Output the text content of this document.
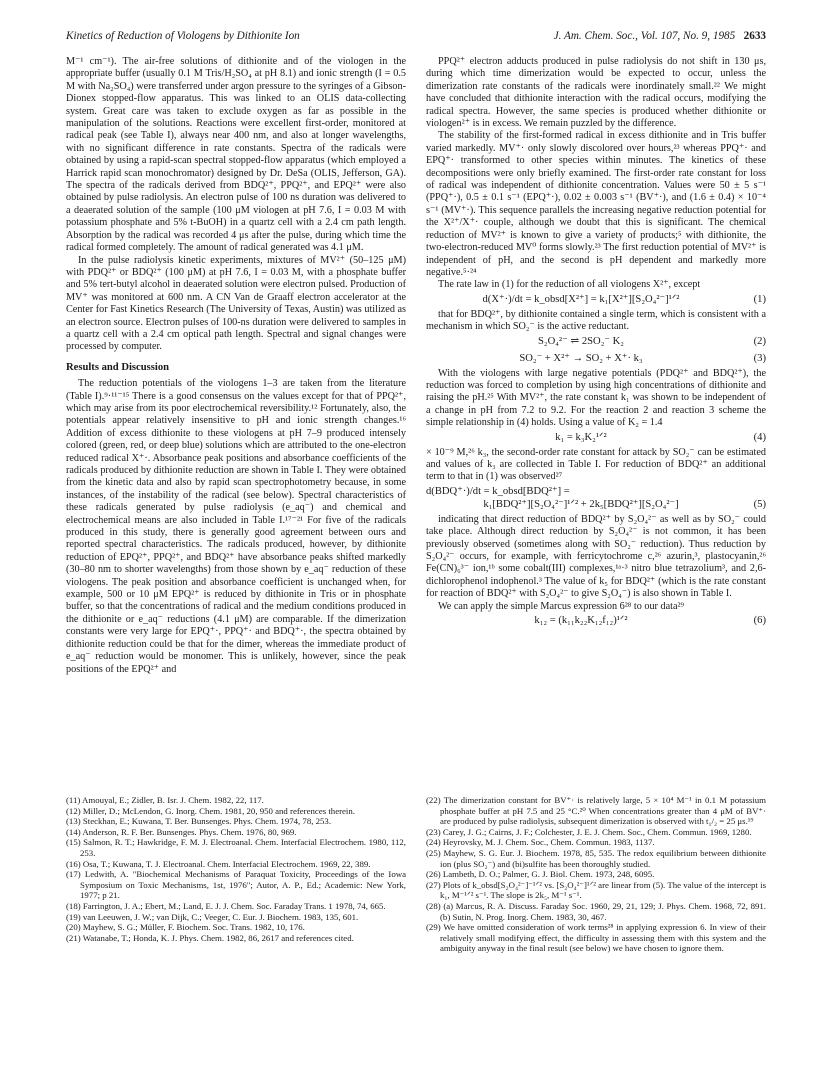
Kinetics of Reduction of Viologens by Dithionite Ion	J. Am. Chem. Soc., Vol. 107, No. 9, 1985 2633

M⁻¹ cm⁻¹). The air-free solutions of dithionite and of the viologen in the appropriate buffer (usually 0.1 M Tris/H₂SO₄ at pH 8.1) and ionic strength (I = 0.5 M with Na₂SO₄) were transferred under argon pressure to the syringes of a Gibson-Dionex stopped-flow apparatus. This was linked to an OLIS data-collecting system. Great care was taken to exclude oxygen as far as possible in the manipulation of the solutions. Reactions were excellent first-order, monitored at radical peak (see Table I), always near 400 nm, and also at longer wavelengths, with no significant difference in rate constants. Spectra of the radicals were obtained by using a rapid-scan spectral stopped-flow apparatus (which employed a Harrick rapid scan monochromator) designed by Dr. DeSa (OLIS, Jefferson, GA). The spectra of the radicals derived from BDQ²⁺, PPQ²⁺, and EPQ²⁺ were also obtained by pulse radiolysis. An electron pulse of 100 ns duration was delivered to a deaerated solution of the sample (100 μM viologen at pH 7.6, I = 0.03 M with potassium phosphate and 5% t-BuOH) in a quartz cell with a 2.4 cm path length. Absorption by the radical was recorded 4 μs after the pulse, during which time the radical formed completely. The amount of radical generated was 4.1 μM.

In the pulse radiolysis kinetic experiments, mixtures of MV²⁺ (50–125 μM) with PDQ²⁺ or BDQ²⁺ (100 μM) at pH 7.6, I = 0.03 M, with a phosphate buffer and 5% tert-butyl alcohol in deaerated solution were electron pulsed. Production of MV⁺ was monitored at 600 nm. A CN Van de Graaff electron accelerator at the Center for Fast Kinetics Research (The University of Texas, Austin) was utilized as an electron source. Electron pulses of 100-ns duration were delivered to samples in a quartz cell with a 2.4 cm optical path length. Spectral and signal changes were processed by computer.

Results and Discussion

The reduction potentials of the viologens 1–3 are taken from the literature (Table I).⁹·¹¹⁻¹⁵ There is a good consensus on the values except for that of PPQ²⁺, which may arise from its poor electrochemical reversibility.¹² Fortunately, also, the potentials appear relatively insensitive to pH and ionic strength changes.¹⁶ Addition of excess dithionite to these viologens at pH 7–9 produced intensely colored (green, red, or deep blue) solutions which are attributed to the one-electron reduced radical X⁺·. Absorbance peak positions and absorbance coefficients of the radicals produced by dithionite reduction are shown in Table I. They were obtained from the kinetic data and also by rapid scan spectrophotometry because, in some instances, of the instability of the radical (see below). Spectral characteristics of these radicals generated by pulse radiolysis (e_aq⁻) and chemical and electrochemical means are also included in Table I.¹⁷⁻²¹ For five of the radicals produced in this study, there is generally good agreement between ours and reported spectral characteristics. The radicals produced, however, by dithionite reduction of EPQ²⁺, PPQ²⁺, and BDQ²⁺ have absorbance peaks shifted markedly (30–80 nm to shorter wavelengths) from those shown by e_aq⁻ reduction of these viologens. The peak position and absorbance coefficient is unchanged when, for example, 500 or 10 μM EPQ²⁺ is reduced by dithionite in Tris or in phosphate buffer, so that the concentrations of radical and the medium conditions produced in the dithionite or e_aq⁻ reductions (4.1 μM) are comparable. If the dimerization constants were very large for EPQ⁺·, PPQ⁺· and BDQ⁺·, the spectra obtained by dithionite reduction could be that for the dimer, whereas the immediate product of e_aq⁻ reduction would be monomer. This is unlikely, however, since the peak positions of the EPQ²⁺ and

PPQ²⁺ electron adducts produced in pulse radiolysis do not shift in 130 μs, during which time dimerization would be expected to occur, unless the dimerization rate constants of the radicals were inordinately small.²² We might have concluded that dithionite interaction with the radical occurs, modifying the radical spectra. However, the same species is produced whether dithionite or viologen²⁺ is in excess. We remain puzzled by the difference.

The stability of the first-formed radical in excess dithionite and in Tris buffer varied markedly. MV⁺· only slowly discolored over hours,²³ whereas PPQ⁺· and EPQ⁺· transformed to other species within minutes. The kinetics of these decompositions were only briefly examined. The first-order rate constant for loss of radical was independent of dithionite concentration. Values were 50 ± 5 s⁻¹ (PPQ⁺·), 0.5 ± 0.1 s⁻¹ (EPQ⁺·), 0.02 ± 0.003 s⁻¹ (BV⁺·), and (1.6 ± 0.4) × 10⁻⁴ s⁻¹ (MV⁺·). This sequence parallels the increasing negative reduction potential for the X²⁺/X⁺· couple, although we doubt that this is significant. The chemical reduction of MV²⁺ is known to give a variety of products;⁵ with dithionite, the two-electron-reduced MV⁰ forms slowly.²³ The first reduction potential of MV²⁺ is independent of pH, and the second is pH dependent and markedly more negative.⁵·²⁴

The rate law in (1) for the reduction of all viologens X²⁺, except

d(X⁺·)/dt = k_obsd[X²⁺] = k₁[X²⁺][S₂O₄²⁻]¹ᐟ²	(1)

that for BDQ²⁺, by dithionite contained a single term, which is consistent with a mechanism in which SO₂⁻ is the active reductant.

S₂O₄²⁻ ⇌ 2SO₂⁻ K₂	(2)
SO₂⁻ + X²⁺ → SO₂ + X⁺· k₃	(3)

With the viologens with large negative potentials (PDQ²⁺ and BDQ²⁺), the reduction was forced to completion by using high concentrations of dithionite and raising the pH.²⁵ With MV²⁺, the rate constant k₁ was shown to be independent of a change in pH from 7.2 to 9.2. For the reaction 2 and reaction 3 scheme the simple relationship in (4) holds. Using a value of K₂ = 1.4

k₁ = k₃K₂¹ᐟ²	(4)

× 10⁻⁹ M,²⁶ k₃, the second-order rate constant for attack by SO₂⁻ can be estimated and values of k₃ are collected in Table I. For reduction of BDQ²⁺ an additional term to that in (1) was observed²⁷

d(BDQ⁺·)/dt = k_obsd[BDQ²⁺] =
k₁[BDQ²⁺][S₂O₄²⁻]¹ᐟ² + 2k₅[BDQ²⁺][S₂O₄²⁻]	(5)

indicating that direct reduction of BDQ²⁺ by S₂O₄²⁻ as well as by SO₂⁻ could take place. Although direct reduction by S₂O₄²⁻ is not common, it has been previously observed (sometimes along with SO₂⁻ reduction). Thus reduction by S₂O₄²⁻ occurs, for example, with ferricytochrome c,²⁶ azurin,³, plastocyanin,²⁶ Fe(CN)₆³⁻ ion,¹ᵇ some cobalt(III) complexes,¹ᵃ·³ nitro blue tetrazolium³, and 2,6-dichlorophenol indophenol.³ The value of k₅ for BDQ²⁺ (which is the rate constant for reaction of BDQ²⁺ with S₂O₄²⁻ to give S₂O₄⁻) is also shown in Table I.

We can apply the simple Marcus expression 6²⁸ to our data²⁹

k₁₂ = (k₁₁k₂₂K₁₂f₁₂)¹ᐟ²	(6)

(11) Amouyal, E.; Zidler, B. Isr. J. Chem. 1982, 22, 117.

(12) Miller, D.; McLendon, G. Inorg. Chem. 1981, 20, 950 and references therein.

(13) Steckhan, E.; Kuwana, T. Ber. Bunsenges. Phys. Chem. 1974, 78, 253.

(14) Anderson, R. F. Ber. Bunsenges. Phys. Chem. 1976, 80, 969.

(15) Salmon, R. T.; Hawkridge, F. M. J. Electroanal. Chem. Interfacial Electrochem. 1980, 112, 253.

(16) Osa, T.; Kuwana, T. J. Electroanal. Chem. Interfacial Electrochem. 1969, 22, 389.

(17) Ledwith, A. "Biochemical Mechanisms of Paraquat Toxicity, Proceedings of the Iowa Symposium on Toxic Mechanisms, 1st, 1976"; Autor, A. P., Ed.; Academic: New York, 1977; p 21.

(18) Farrington, J. A.; Ebert, M.; Land, E. J. J. Chem. Soc. Faraday Trans. 1 1978, 74, 665.

(19) van Leeuwen, J. W.; van Dijk, C.; Veeger, C. Eur. J. Biochem. 1983, 135, 601.

(20) Mayhew, S. G.; Müller, F. Biochem. Soc. Trans. 1982, 10, 176.

(21) Watanabe, T.; Honda, K. J. Phys. Chem. 1982, 86, 2617 and references cited.

(22) The dimerization constant for BV⁺· is relatively large, 5 × 10⁴ M⁻¹ in 0.1 M potassium phosphate buffer at pH 7.5 and 25 °C.²⁰ When concentrations greater than 4 μM of BV⁺· are produced by pulse radiolysis, subsequent dimerization is observed with t₁/₂ = 25 μs.¹⁹

(23) Carey, J. G.; Cairns, J. F.; Colchester, J. E. J. Chem. Soc., Chem. Commun. 1969, 1280.

(24) Heyrovsky, M. J. Chem. Soc., Chem. Commun. 1983, 1137.

(25) Mayhew, S. G. Eur. J. Biochem. 1978, 85, 535. The redox equilibrium between dithionite ion (plus SO₂⁻) and (bi)sulfite has been thoroughly studied.

(26) Lambeth, D. O.; Palmer, G. J. Biol. Chem. 1973, 248, 6095.

(27) Plots of k_obsd[S₂O₄²⁻]⁻¹ᐟ² vs. [S₂O₄²⁻]¹ᐟ² are linear from (5). The value of the intercept is k₁, M⁻¹ᐟ² s⁻¹. The slope is 2k₅, M⁻¹ s⁻¹.

(28) (a) Marcus, R. A. Discuss. Faraday Soc. 1960, 29, 21, 129; J. Phys. Chem. 1968, 72, 891. (b) Sutin, N. Prog. Inorg. Chem. 1983, 30, 467.

(29) We have omitted consideration of work terms²⁸ in applying expression 6. In view of their relatively small modifying effect, the difficulty in assessing them with this system and the ambiguity anyway in the final result (see below) we have chosen to ignore them.
